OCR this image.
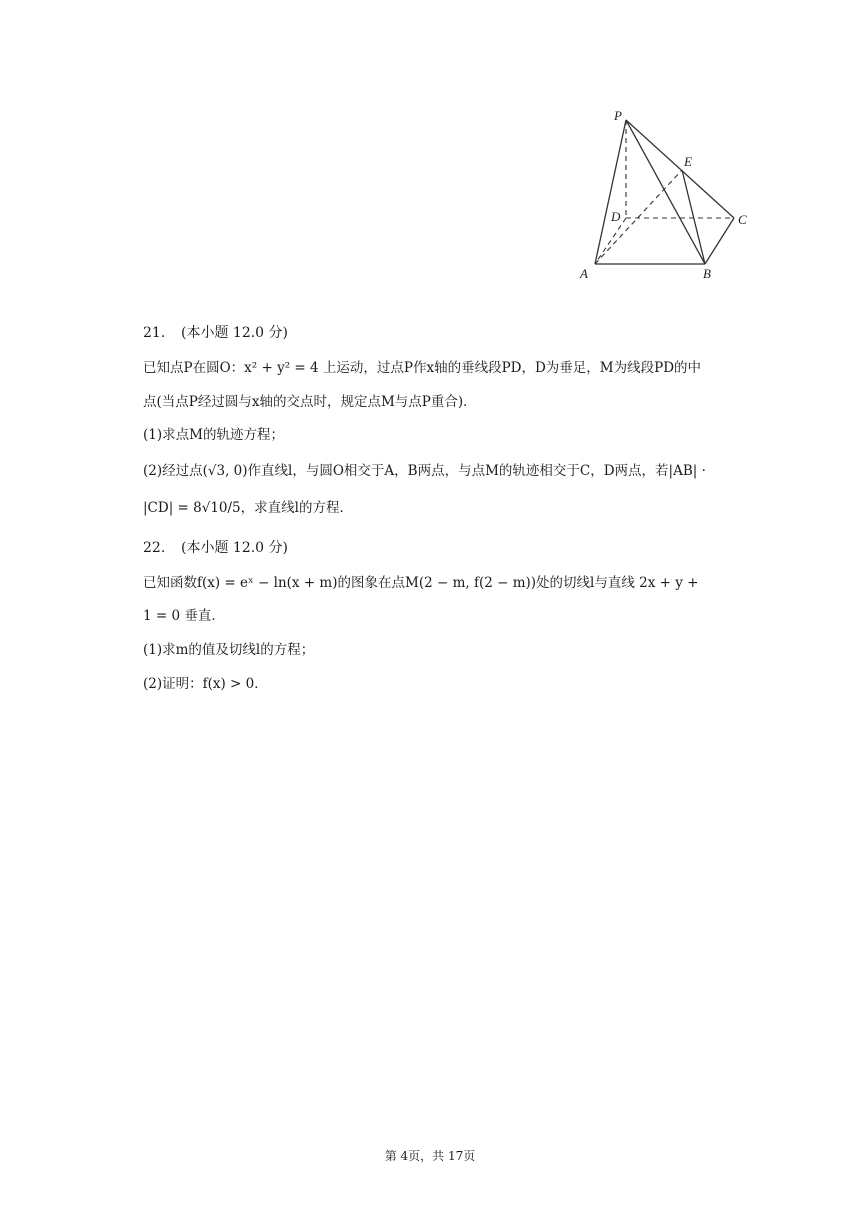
P
E
D	C
A	B
21. (本小题 12.0 分)
已知点P在圆O：x² + y² = 4 上运动，过点P作x轴的垂线段PD，D为垂足，M为线段PD的中
点(当点P经过圆与x轴的交点时，规定点M与点P重合)．
(1)求点M的轨迹方程；
(2)经过点(√3, 0)作直线l，与圆O相交于A，B两点，与点M的轨迹相交于C，D两点，若|AB| ·
|CD| = 8√10/5，求直线l的方程．
22. (本小题 12.0 分)
已知函数f(x) = eˣ − ln(x + m)的图象在点M(2 − m, f(2 − m))处的切线l与直线 2x + y +
1 = 0 垂直．
(1)求m的值及切线l的方程；
(2)证明：f(x) > 0．
第 4页，共 17页
